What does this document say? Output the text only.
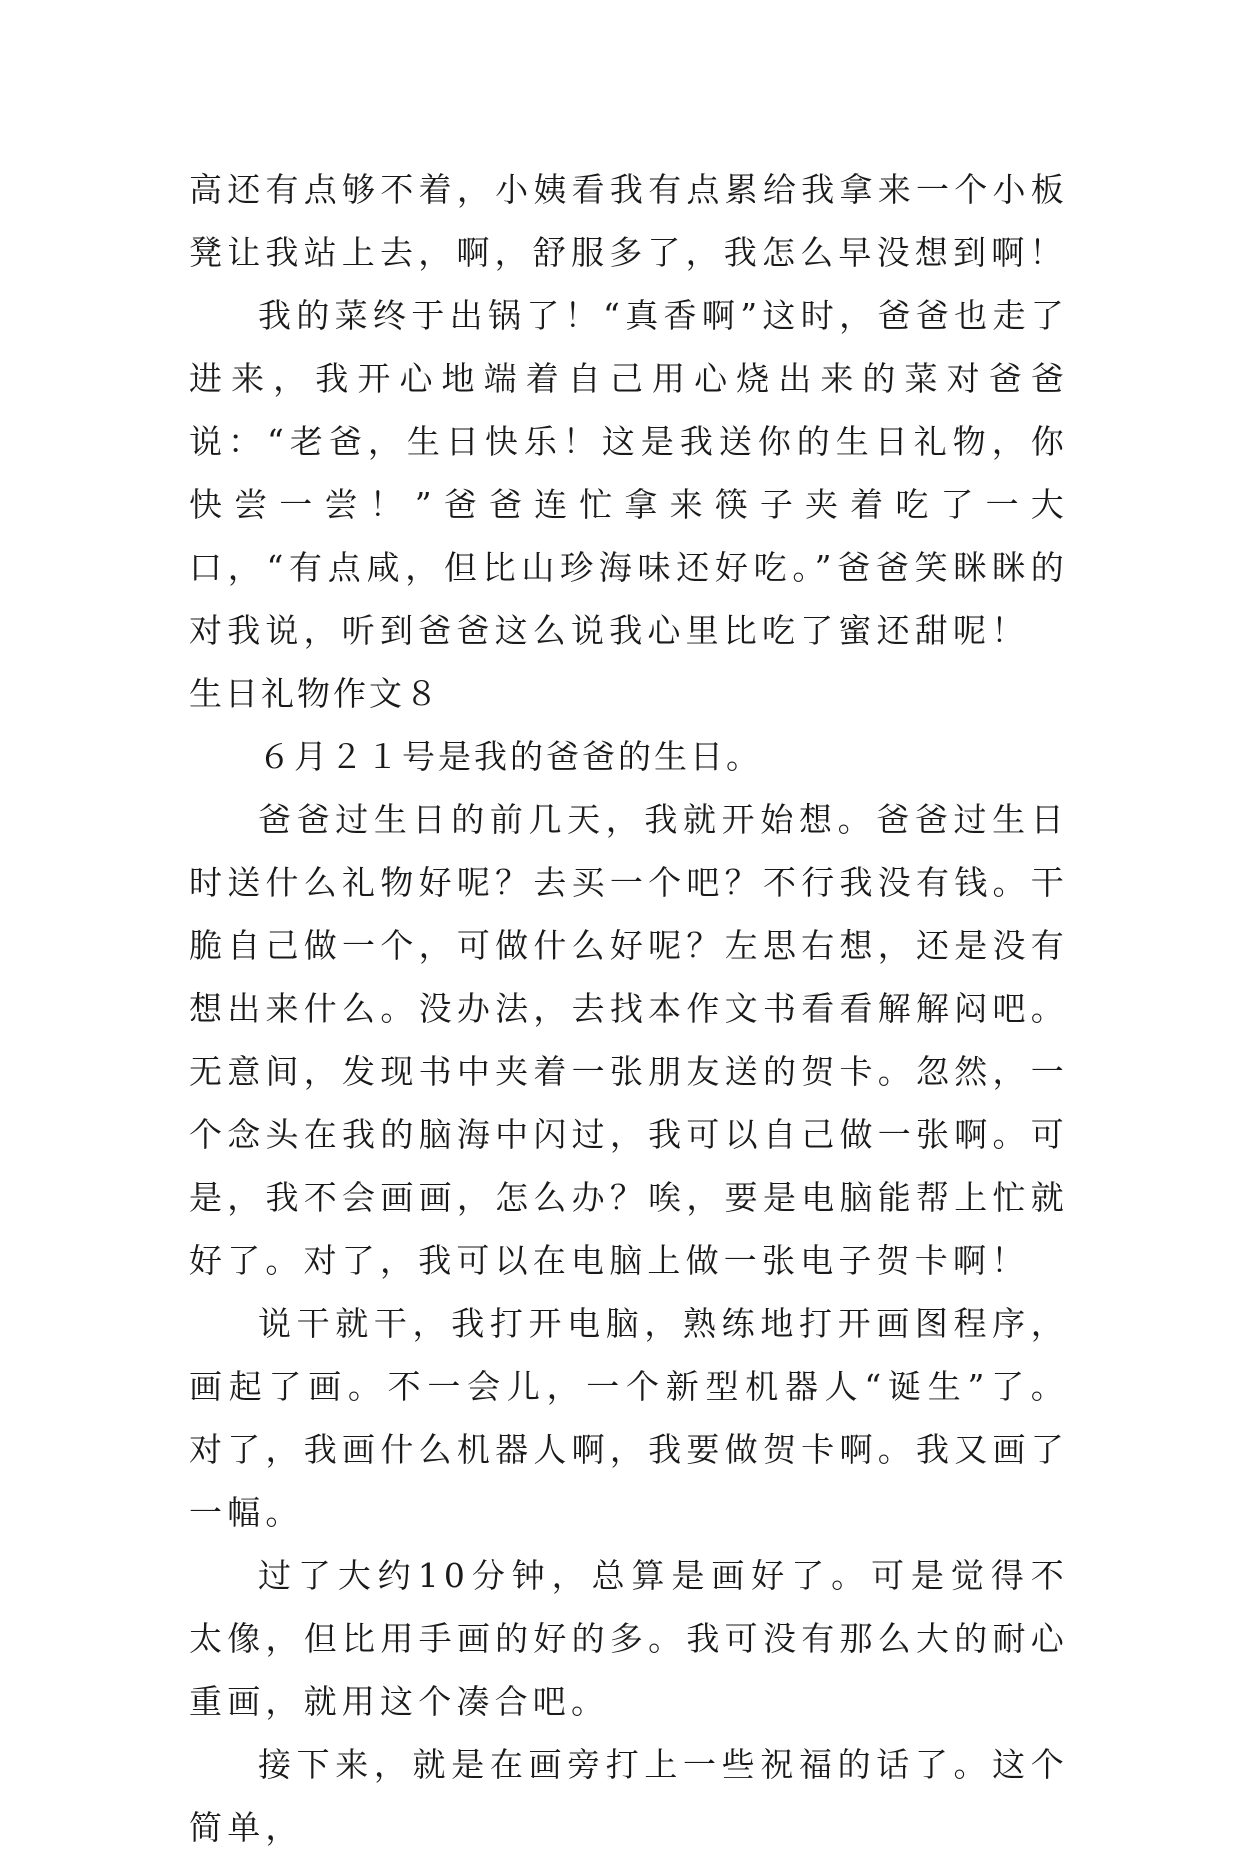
高还有点够不着，小姨看我有点累给我拿来一个小板凳让我站上去，啊，舒服多了，我怎么早没想到啊！

我的菜终于出锅了！“真香啊”这时，爸爸也走了进来，我开心地端着自己用心烧出来的菜对爸爸说：“老爸，生日快乐！这是我送你的生日礼物，你快尝一尝！”爸爸连忙拿来筷子夹着吃了一大口，“有点咸，但比山珍海味还好吃。”爸爸笑眯眯的对我说，听到爸爸这么说我心里比吃了蜜还甜呢！

生日礼物作文８

６月２１号是我的爸爸的生日。

爸爸过生日的前几天，我就开始想。爸爸过生日时送什么礼物好呢？去买一个吧？不行我没有钱。干脆自己做一个，可做什么好呢？左思右想，还是没有想出来什么。没办法，去找本作文书看看解解闷吧。无意间，发现书中夹着一张朋友送的贺卡。忽然，一个念头在我的脑海中闪过，我可以自己做一张啊。可是，我不会画画，怎么办？唉，要是电脑能帮上忙就好了。对了，我可以在电脑上做一张电子贺卡啊！

说干就干，我打开电脑，熟练地打开画图程序，画起了画。不一会儿，一个新型机器人“诞生”了。对了，我画什么机器人啊，我要做贺卡啊。我又画了一幅。

过了大约10分钟，总算是画好了。可是觉得不太像，但比用手画的好的多。我可没有那么大的耐心重画，就用这个凑合吧。

接下来，就是在画旁打上一些祝福的话了。这个简单，
